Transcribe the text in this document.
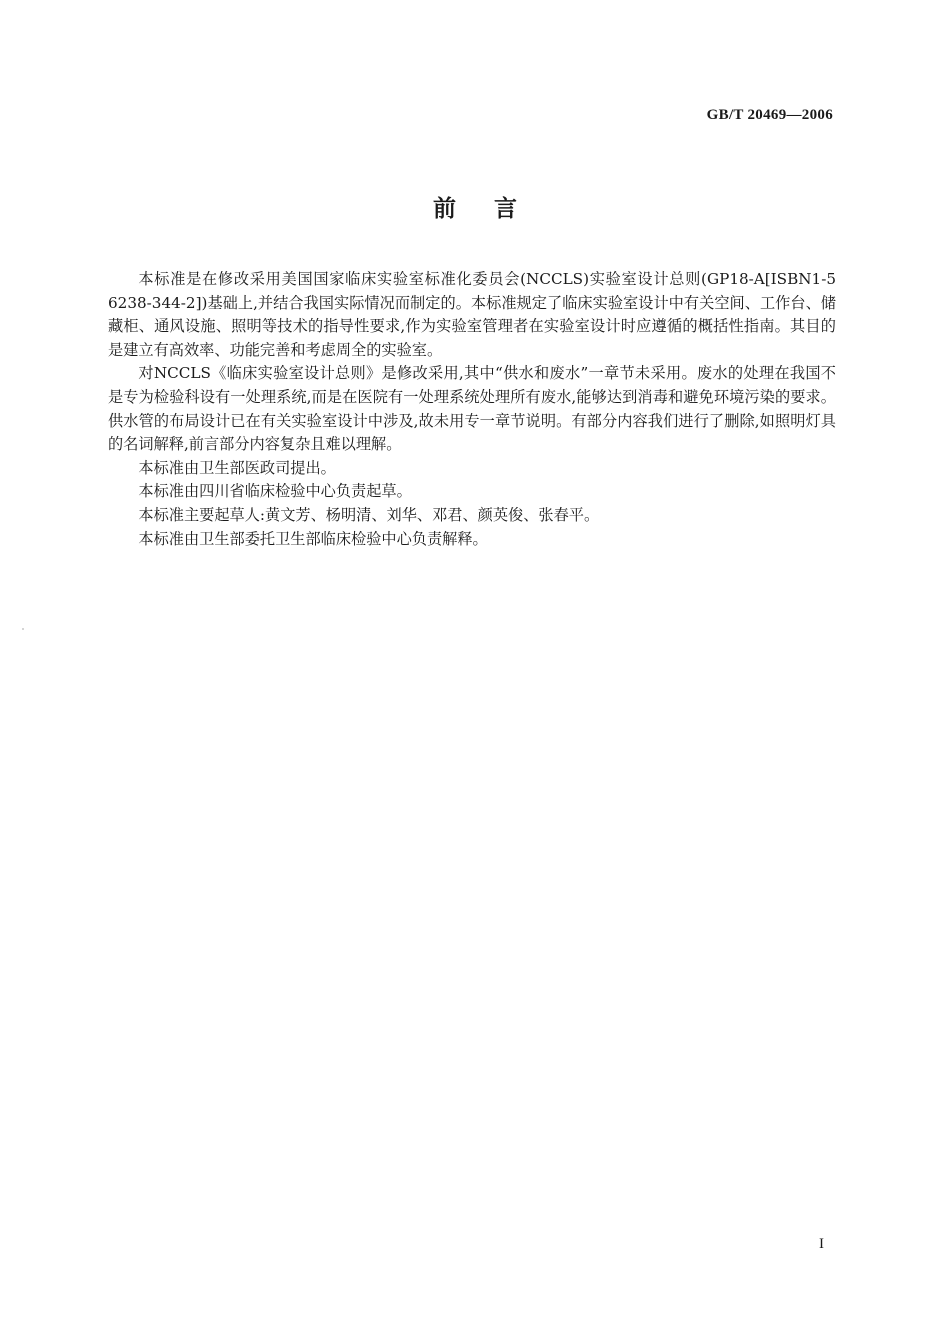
GB/T 20469—2006
前言

本标准是在修改采用美国国家临床实验室标准化委员会(NCCLS)实验室设计总则(GP18-A[ISBN1-5 6238-344-2])基础上,并结合我国实际情况而制定的。本标准规定了临床实验室设计中有关空间、工作台、储藏柜、通风设施、照明等技术的指导性要求,作为实验室管理者在实验室设计时应遵循的概括性指南。其目的是建立有高效率、功能完善和考虑周全的实验室。

对NCCLS《临床实验室设计总则》是修改采用,其中“供水和废水”一章节未采用。废水的处理在我国不是专为检验科设有一处理系统,而是在医院有一处理系统处理所有废水,能够达到消毒和避免环境污染的要求。供水管的布局设计已在有关实验室设计中涉及,故未用专一章节说明。有部分内容我们进行了删除,如照明灯具的名词解释,前言部分内容复杂且难以理解。

本标准由卫生部医政司提出。

本标准由四川省临床检验中心负责起草。

本标准主要起草人:黄文芳、杨明清、刘华、邓君、颜英俊、张春平。

本标准由卫生部委托卫生部临床检验中心负责解释。

I
